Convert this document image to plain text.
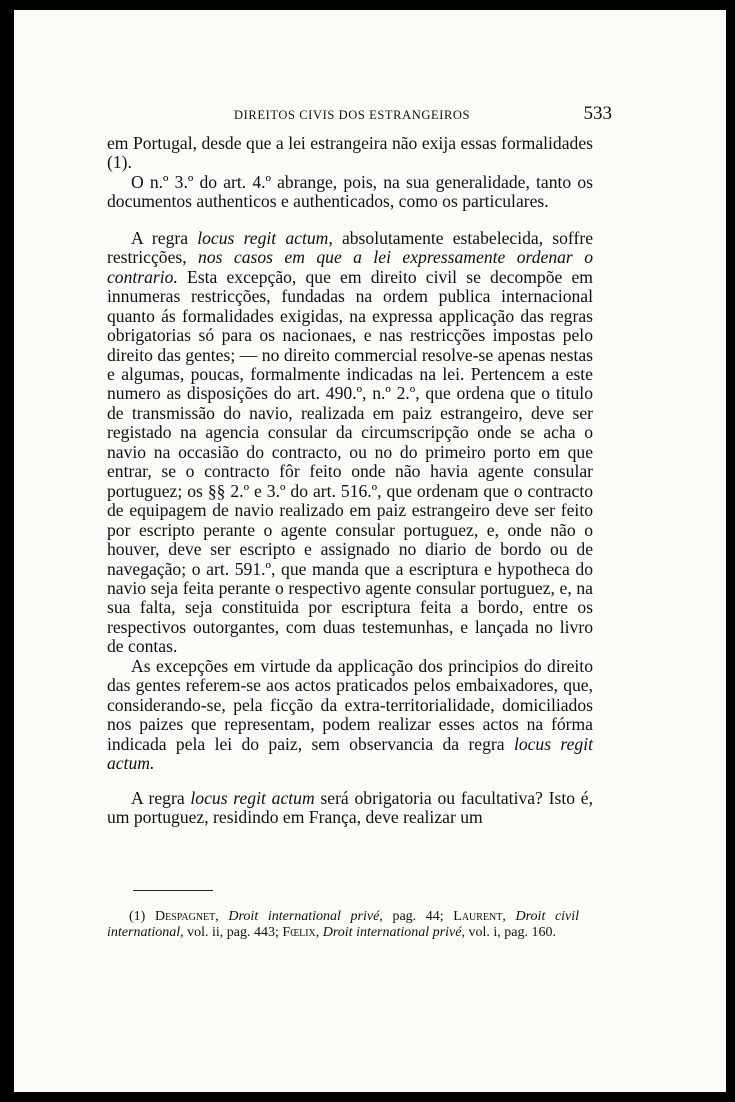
DIREITOS CIVIS DOS ESTRANGEIROS	533

em Portugal, desde que a lei estrangeira não exija essas formalidades (1).

O n.º 3.º do art. 4.º abrange, pois, na sua generalidade, tanto os documentos authenticos e authenticados, como os particulares.

A regra locus regit actum, absolutamente estabelecida, soffre restricções, nos casos em que a lei expressamente ordenar o contrario. Esta excepção, que em direito civil se decompõe em innumeras restricções, fundadas na ordem publica internacional quanto ás formalidades exigidas, na expressa applicação das regras obrigatorias só para os nacionaes, e nas restricções impostas pelo direito das gentes; — no direito commercial resolve-se apenas nestas e algumas, poucas, formalmente indicadas na lei. Pertencem a este numero as disposições do art. 490.º, n.º 2.º, que ordena que o titulo de transmissão do navio, realizada em paiz estrangeiro, deve ser registado na agencia consular da circumscripção onde se acha o navio na occasião do contracto, ou no do primeiro porto em que entrar, se o contracto fôr feito onde não havia agente consular portuguez; os §§ 2.º e 3.º do art. 516.º, que ordenam que o contracto de equipagem de navio realizado em paiz estrangeiro deve ser feito por escripto perante o agente consular portuguez, e, onde não o houver, deve ser escripto e assignado no diario de bordo ou de navegação; o art. 591.º, que manda que a escriptura e hypotheca do navio seja feita perante o respectivo agente consular portuguez, e, na sua falta, seja constituida por escriptura feita a bordo, entre os respectivos outorgantes, com duas testemunhas, e lançada no livro de contas.

As excepções em virtude da applicação dos principios do direito das gentes referem-se aos actos praticados pelos embaixadores, que, considerando-se, pela ficção da extra-territorialidade, domiciliados nos paizes que representam, podem realizar esses actos na fórma indicada pela lei do paiz, sem observancia da regra locus regit actum.

A regra locus regit actum será obrigatoria ou facultativa? Isto é, um portuguez, residindo em França, deve realizar um

(1) Despagnet, Droit international privé, pag. 44; Laurent, Droit civil international, vol. ii, pag. 443; Fœlix, Droit international privé, vol. i, pag. 160.
